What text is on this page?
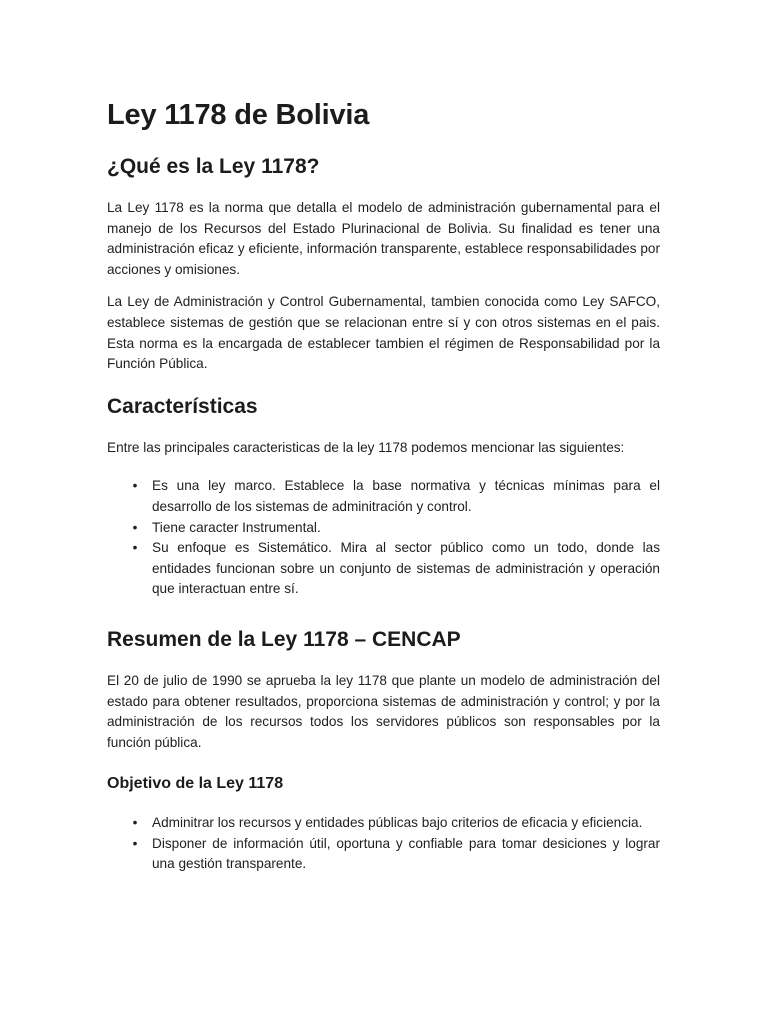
Ley 1178 de Bolivia
¿Qué es la Ley 1178?

La Ley 1178 es la norma que detalla el modelo de administración gubernamental para el manejo de los Recursos del Estado Plurinacional de Bolivia. Su finalidad es tener una administración eficaz y eficiente, información transparente, establece responsabilidades por acciones y omisiones.

La Ley de Administración y Control Gubernamental, tambien conocida como Ley SAFCO, establece sistemas de gestión que se relacionan entre sí y con otros sistemas en el pais. Esta norma es la encargada de establecer tambien el régimen de Responsabilidad por la Función Pública.

Características

Entre las principales caracteristicas de la ley 1178 podemos mencionar las siguientes:

• Es una ley marco. Establece la base normativa y técnicas mínimas para el desarrollo de los sistemas de adminitración y control.
• Tiene caracter Instrumental.
• Su enfoque es Sistemático. Mira al sector público como un todo, donde las entidades funcionan sobre un conjunto de sistemas de administración y operación que interactuan entre sí.
Resumen de la Ley 1178 – CENCAP

El 20 de julio de 1990 se aprueba la ley 1178 que plante un modelo de administración del estado para obtener resultados, proporciona sistemas de administración y control; y por la administración de los recursos todos los servidores públicos son responsables por la función pública.

Objetivo de la Ley 1178
• Adminitrar los recursos y entidades públicas bajo criterios de eficacia y eficiencia.
• Disponer de información útil, oportuna y confiable para tomar desiciones y lograr una gestión transparente.
